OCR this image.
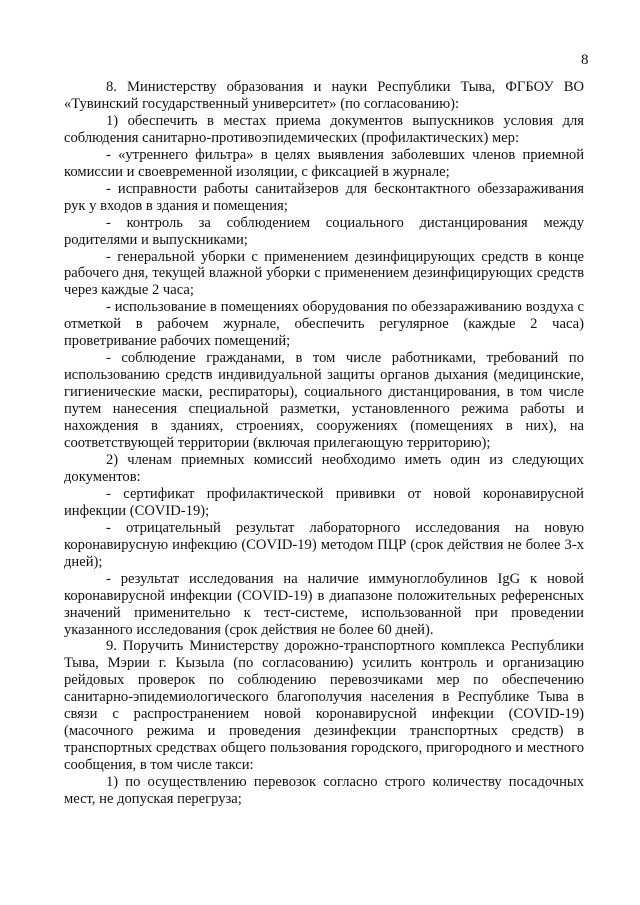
8

8. Министерству образования и науки Республики Тыва, ФГБОУ ВО «Тувинский государственный университет» (по согласованию):

1) обеспечить в местах приема документов выпускников условия для соблюдения санитарно-противоэпидемических (профилактических) мер:

- «утреннего фильтра» в целях выявления заболевших членов приемной комиссии и своевременной изоляции, с фиксацией в журнале;

- исправности работы санитайзеров для бесконтактного обеззараживания рук у входов в здания и помещения;

- контроль за соблюдением социального дистанцирования между родителями и выпускниками;

- генеральной уборки с применением дезинфицирующих средств в конце рабочего дня, текущей влажной уборки с применением дезинфицирующих средств через каждые 2 часа;

- использование в помещениях оборудования по обеззараживанию воздуха с отметкой в рабочем журнале, обеспечить регулярное (каждые 2 часа) проветривание рабочих помещений;

- соблюдение гражданами, в том числе работниками, требований по использованию средств индивидуальной защиты органов дыхания (медицинские, гигиенические маски, респираторы), социального дистанцирования, в том числе путем нанесения специальной разметки, установленного режима работы и нахождения в зданиях, строениях, сооружениях (помещениях в них), на соответствующей территории (включая прилегающую территорию);

2) членам приемных комиссий необходимо иметь один из следующих документов:

- сертификат профилактической прививки от новой коронавирусной инфекции (COVID-19);

- отрицательный результат лабораторного исследования на новую коронавирусную инфекцию (COVID-19) методом ПЦР (срок действия не более 3-х дней);

- результат исследования на наличие иммуноглобулинов IgG к новой коронавирусной инфекции (COVID-19) в диапазоне положительных референсных значений применительно к тест-системе, использованной при проведении указанного исследования (срок действия не более 60 дней).

9. Поручить Министерству дорожно-транспортного комплекса Республики Тыва, Мэрии г. Кызыла (по согласованию) усилить контроль и организацию рейдовых проверок по соблюдению перевозчиками мер по обеспечению санитарно-эпидемиологического благополучия населения в Республике Тыва в связи с распространением новой коронавирусной инфекции (COVID-19) (масочного режима и проведения дезинфекции транспортных средств) в транспортных средствах общего пользования городского, пригородного и местного сообщения, в том числе такси:

1) по осуществлению перевозок согласно строго количеству посадочных мест, не допуская перегруза;
